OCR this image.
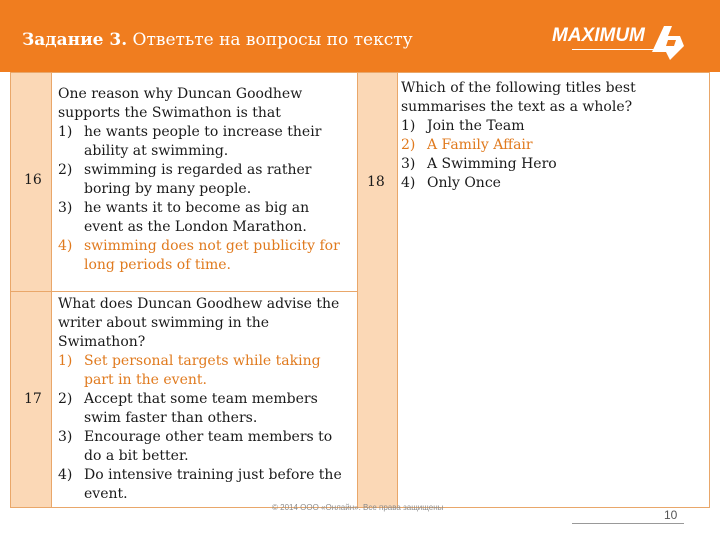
Задание 3. Ответьте на вопросы по тексту	MAXIMUM
16
17
18
One reason why Duncan Goodhew supports the Swimathon is that
1) he wants people to increase their ability at swimming.
2) swimming is regarded as rather boring by many people.
3) he wants it to become as big an event as the London Marathon.
4) swimming does not get publicity for long periods of time.
What does Duncan Goodhew advise the writer about swimming in the Swimathon?
1) Set personal targets while taking part in the event.
2) Accept that some team members swim faster than others.
3) Encourage other team members to do a bit better.
4) Do intensive training just before the event.
Which of the following titles best summarises the text as a whole?
1) Join the Team
2) A Family Affair
3) A Swimming Hero
4) Only Once
© 2014 ООО «Онлайн». Все права защищены
10
